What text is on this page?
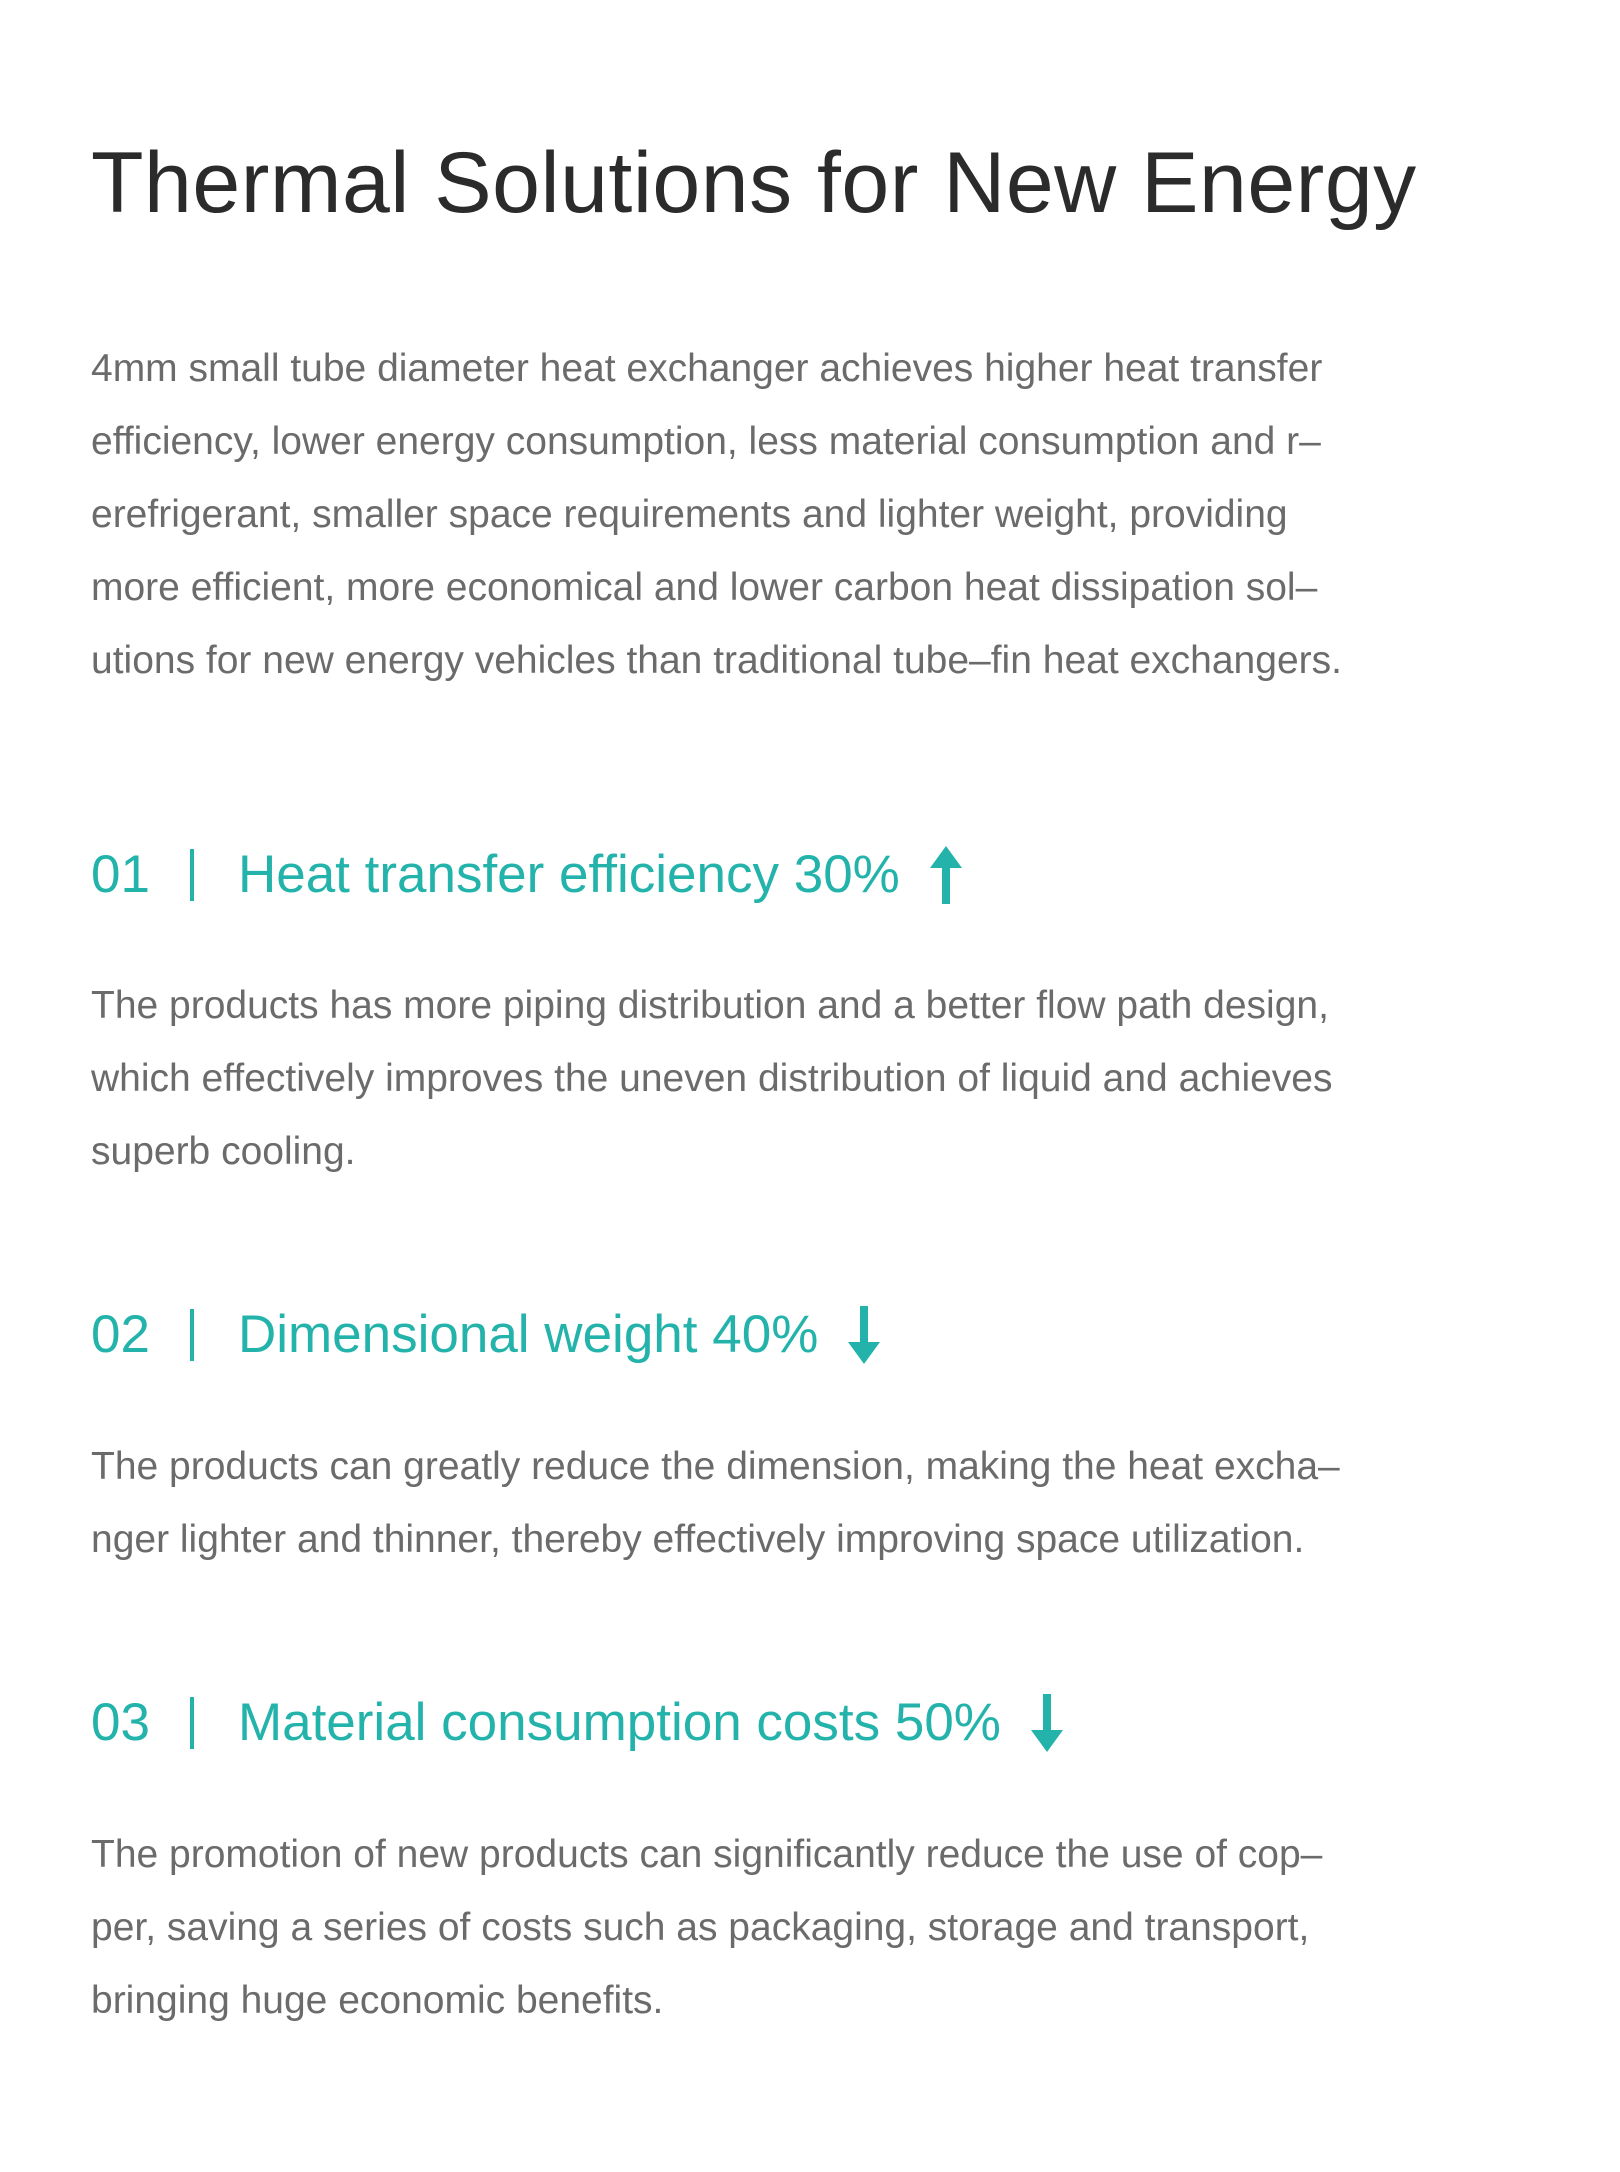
Thermal Solutions for New Energy

4mm small tube diameter heat exchanger achieves higher heat transfer
efficiency, lower energy consumption, less material consumption and r–
erefrigerant, smaller space requirements and lighter weight, providing
more efficient, more economical and lower carbon heat dissipation sol–
utions for new energy vehicles than traditional tube–fin heat exchangers.

01 Heat transfer efficiency 30%

The products has more piping distribution and a better flow path design,
which effectively improves the uneven distribution of liquid and achieves
superb cooling.

02 Dimensional weight 40%

The products can greatly reduce the dimension, making the heat excha–
nger lighter and thinner, thereby effectively improving space utilization.

03 Material consumption costs 50%

The promotion of new products can significantly reduce the use of cop–
per, saving a series of costs such as packaging, storage and transport,
bringing huge economic benefits.
